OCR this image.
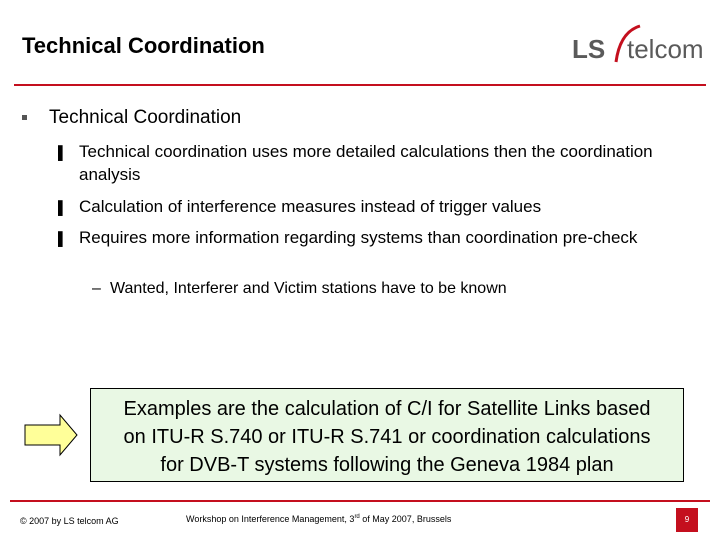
Technical Coordination	LS telcom
Technical Coordination
▌ Technical coordination uses more detailed calculations then the coordination analysis
▌ Calculation of interference measures instead of trigger values
▌ Requires more information regarding systems than coordination pre-check
– Wanted, Interferer and Victim stations have to be known
Examples are the calculation of C/I for Satellite Links based
on ITU-R S.740 or ITU-R S.741 or coordination calculations
for DVB-T systems following the Geneva 1984 plan
© 2007 by LS telcom AG	Workshop on Interference Management, 3rd of May 2007, Brussels	9
